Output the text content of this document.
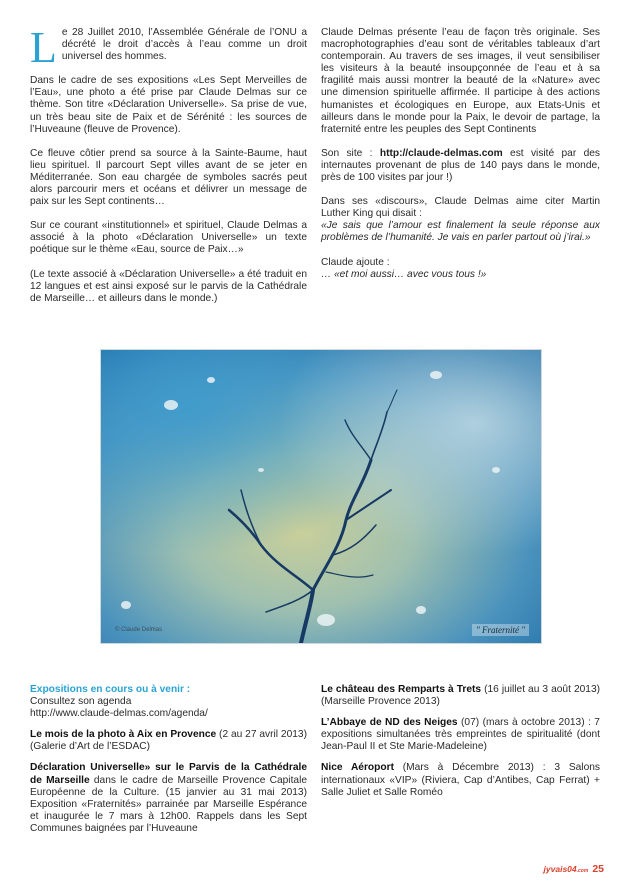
Le 28 Juillet 2010, l’Assemblée Générale de l’ONU a décrété le droit d’accès à l’eau comme un droit universel des hommes.

Dans le cadre de ses expositions «Les Sept Merveilles de l’Eau», une photo a été prise par Claude Delmas sur ce thème. Son titre «Déclaration Universelle». Sa prise de vue, un très beau site de Paix et de Sérénité : les sources de l’Huveaune (fleuve de Provence).

Ce fleuve côtier prend sa source à la Sainte-Baume, haut lieu spirituel. Il parcourt Sept villes avant de se jeter en Méditerranée. Son eau chargée de symboles sacrés peut alors parcourir mers et océans et délivrer un message de paix sur les Sept continents…

Sur ce courant «institutionnel» et spirituel, Claude Delmas a associé à la photo «Déclaration Universelle» un texte poétique sur le thème «Eau, source de Paix…»

(Le texte associé à «Déclaration Universelle» a été traduit en 12 langues et est ainsi exposé sur le parvis de la Cathédrale de Marseille… et ailleurs dans le monde.)

Claude Delmas présente l’eau de façon très originale. Ses macrophotographies d’eau sont de véritables tableaux d’art contemporain. Au travers de ses images, il veut sensibiliser les visiteurs à la beauté insoupçonnée de l’eau et à sa fragilité mais aussi montrer la beauté de la «Nature» avec une dimension spirituelle affirmée. Il participe à des actions humanistes et écologiques en Europe, aux Etats-Unis et ailleurs dans le monde pour la Paix, le devoir de partage, la fraternité entre les peuples des Sept Continents

Son site : http://claude-delmas.com est visité par des internautes provenant de plus de 140 pays dans le monde, près de 100 visites par jour !)

Dans ses «discours», Claude Delmas aime citer Martin Luther King qui disait :
«Je sais que l’amour est finalement la seule réponse aux problèmes de l’humanité. Je vais en parler partout où j’irai.»

Claude ajoute :
… «et moi aussi… avec vous tous !»

© Claude Delmas	" Fraternité "

Expositions en cours ou à venir :
Consultez son agenda
http://www.claude-delmas.com/agenda/

Le mois de la photo à Aix en Provence (2 au 27 avril 2013) (Galerie d’Art de l’ESDAC)

Déclaration Universelle» sur le Parvis de la Cathédrale de Marseille dans le cadre de Marseille Provence Capitale Européenne de la Culture. (15 janvier au 31 mai 2013) Exposition «Fraternités» parrainée par Marseille Espérance et inaugurée le 7 mars à 12h00. Rappels dans les Sept Communes baignées par l’Huveaune

Le château des Remparts à Trets (16 juillet au 3 août 2013) (Marseille Provence 2013)

L’Abbaye de ND des Neiges (07) (mars à octobre 2013) : 7 expositions simultanées très empreintes de spiritualité (dont Jean-Paul II et Ste Marie-Madeleine)

Nice Aéroport (Mars à Décembre 2013) : 3 Salons internationaux «VIP» (Riviera, Cap d’Antibes, Cap Ferrat) + Salle Juliet et Salle Roméo

jyvais04.com 25
